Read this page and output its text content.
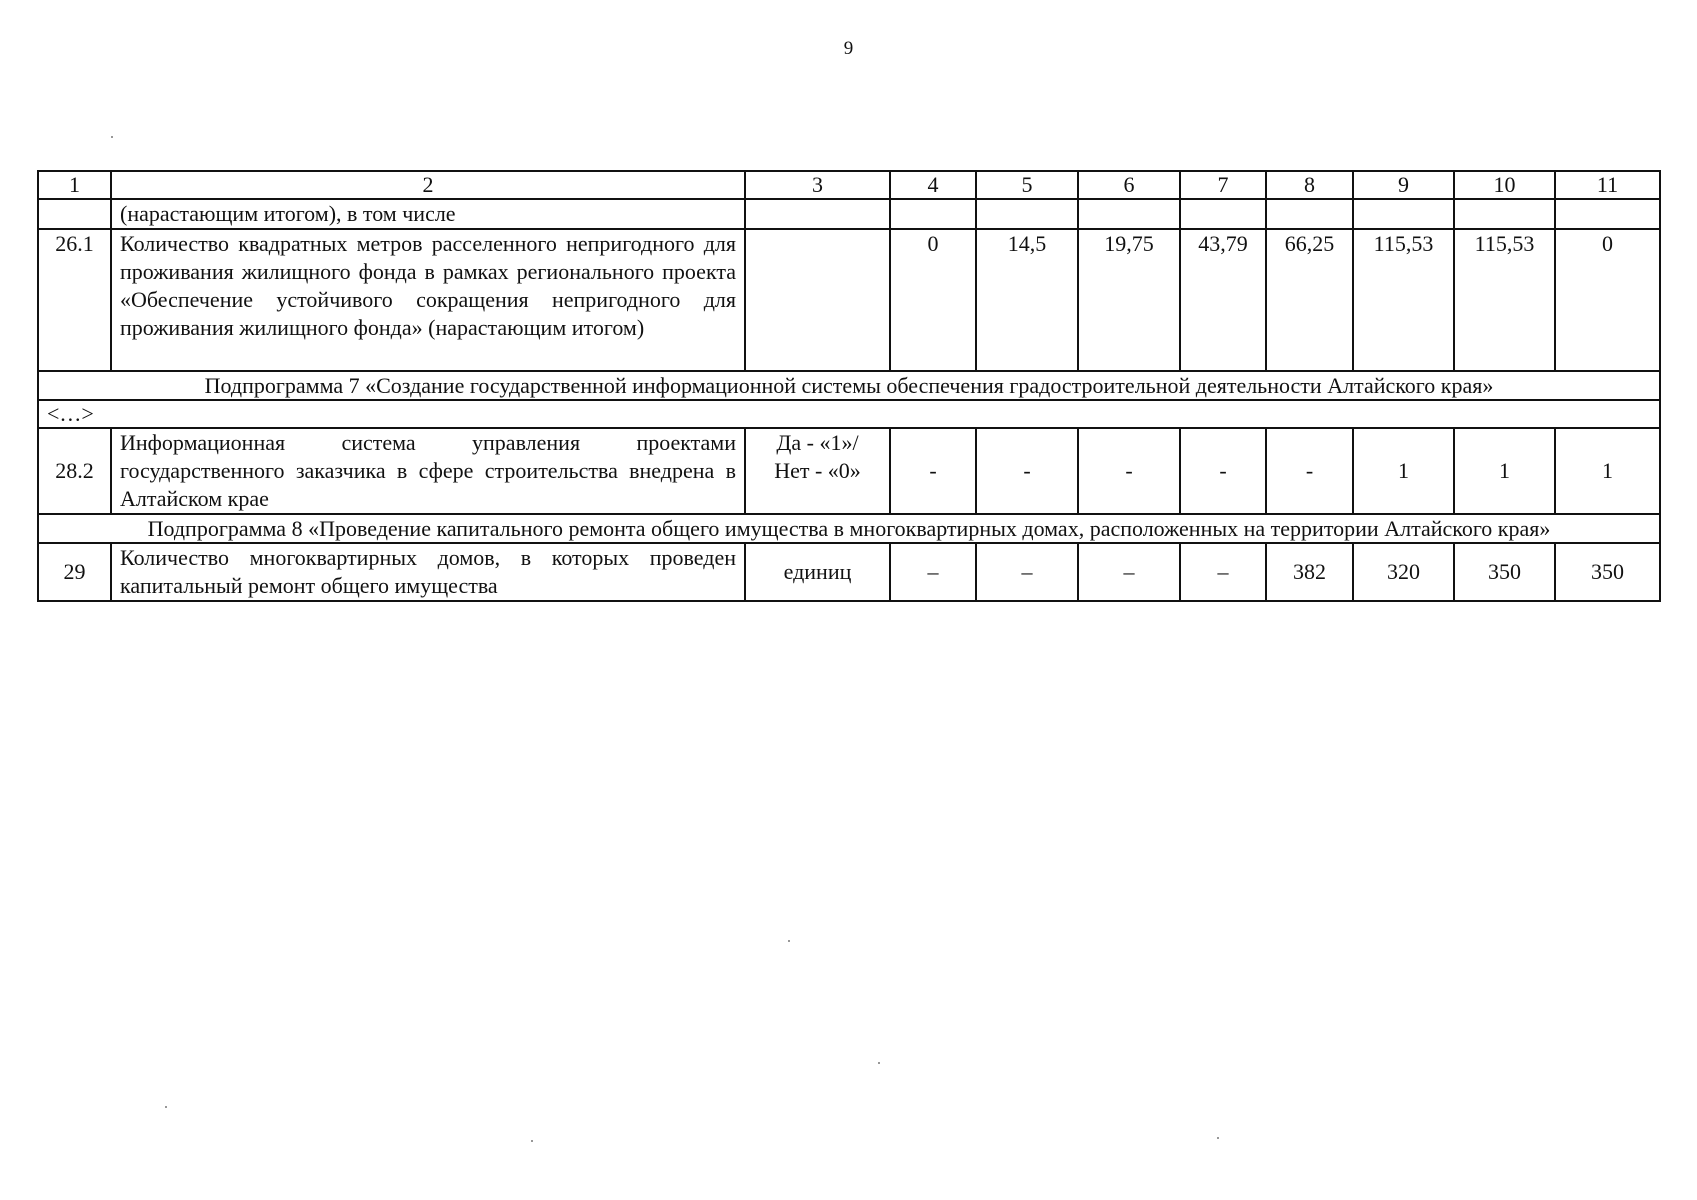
9
1	2	3	4	5	6	7	8	9	10	11
	(нарастающим итогом), в том числе									
26.1	Количество квадратных метров расселенного непригодного для проживания жилищного фонда в рамках регионального проекта «Обеспечение устойчивого сокращения непригодного для проживания жилищного фонда» (нарастающим итогом)		0	14,5	19,75	43,79	66,25	115,53	115,53	0
Подпрограмма 7 «Создание государственной информационной системы обеспечения градостроительной деятельности Алтайского края»										
<…>										
28.2	Информационная система управления проектами государственного заказчика в сфере строительства внедрена в Алтайском крае	Да - «1»/
Нет - «0»	-	-	-	-	-	1	1	1
Подпрограмма 8 «Проведение капитального ремонта общего имущества в многоквартирных домах, расположенных на территории Алтайского края»										
29	Количество многоквартирных домов, в которых проведен капитальный ремонт общего имущества	единиц	–	–	–	–	382	320	350	350
